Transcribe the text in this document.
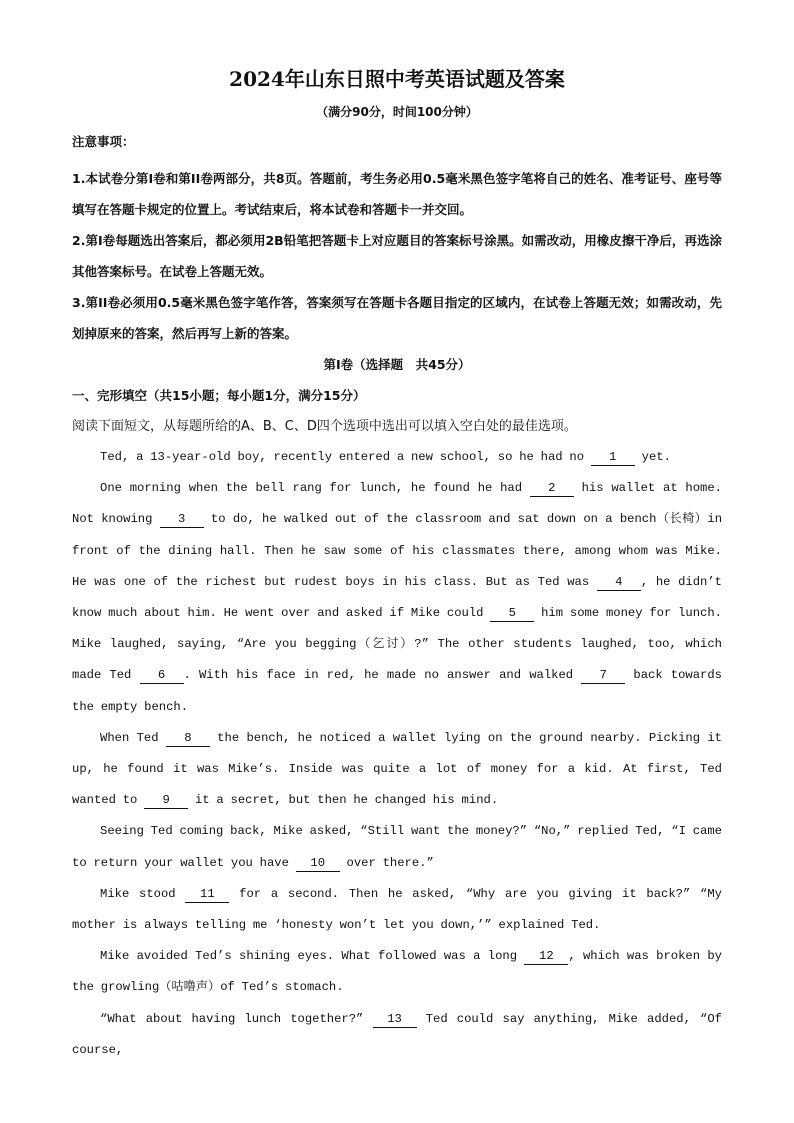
2024年山东日照中考英语试题及答案
（满分90分，时间100分钟）
注意事项：

1.本试卷分第I卷和第II卷两部分，共8页。答题前，考生务必用0.5毫米黑色签字笔将自己的姓名、准考证号、座号等填写在答题卡规定的位置上。考试结束后，将本试卷和答题卡一并交回。

2.第I卷每题选出答案后，都必须用2B铅笔把答题卡上对应题目的答案标号涂黑。如需改动，用橡皮擦干净后，再选涂其他答案标号。在试卷上答题无效。

3.第II卷必须用0.5毫米黑色签字笔作答，答案须写在答题卡各题目指定的区域内，在试卷上答题无效；如需改动，先划掉原来的答案，然后再写上新的答案。

第I卷（选择题　共45分）
一、完形填空（共15小题；每小题1分，满分15分）
阅读下面短文，从每题所给的A、B、C、D四个选项中选出可以填入空白处的最佳选项。

Ted, a 13-year-old boy, recently entered a new school, so he had no 1 yet.

One morning when the bell rang for lunch, he found he had 2 his wallet at home. Not knowing 3 to do, he walked out of the classroom and sat down on a bench（长椅）in front of the dining hall. Then he saw some of his classmates there, among whom was Mike. He was one of the richest but rudest boys in his class. But as Ted was 4 , he didn’t know much about him. He went over and asked if Mike could 5 him some money for lunch. Mike laughed, saying, “Are you begging（乞讨）?” The other students laughed, too, which made Ted 6 . With his face in red, he made no answer and walked 7 back towards the empty bench.

When Ted 8 the bench, he noticed a wallet lying on the ground nearby. Picking it up, he found it was Mike’s. Inside was quite a lot of money for a kid. At first, Ted wanted to 9 it a secret, but then he changed his mind.

Seeing Ted coming back, Mike asked, “Still want the money?” “No,” replied Ted, “I came to return your wallet you have 10 over there.”

Mike stood 11 for a second. Then he asked, “Why are you giving it back?” “My mother is always telling me ‘honesty won’t let you down,’” explained Ted.

Mike avoided Ted’s shining eyes. What followed was a long 12 , which was broken by the growling（咕噜声）of Ted’s stomach.

“What about having lunch together?” 13 Ted could say anything, Mike added, “Of course,
